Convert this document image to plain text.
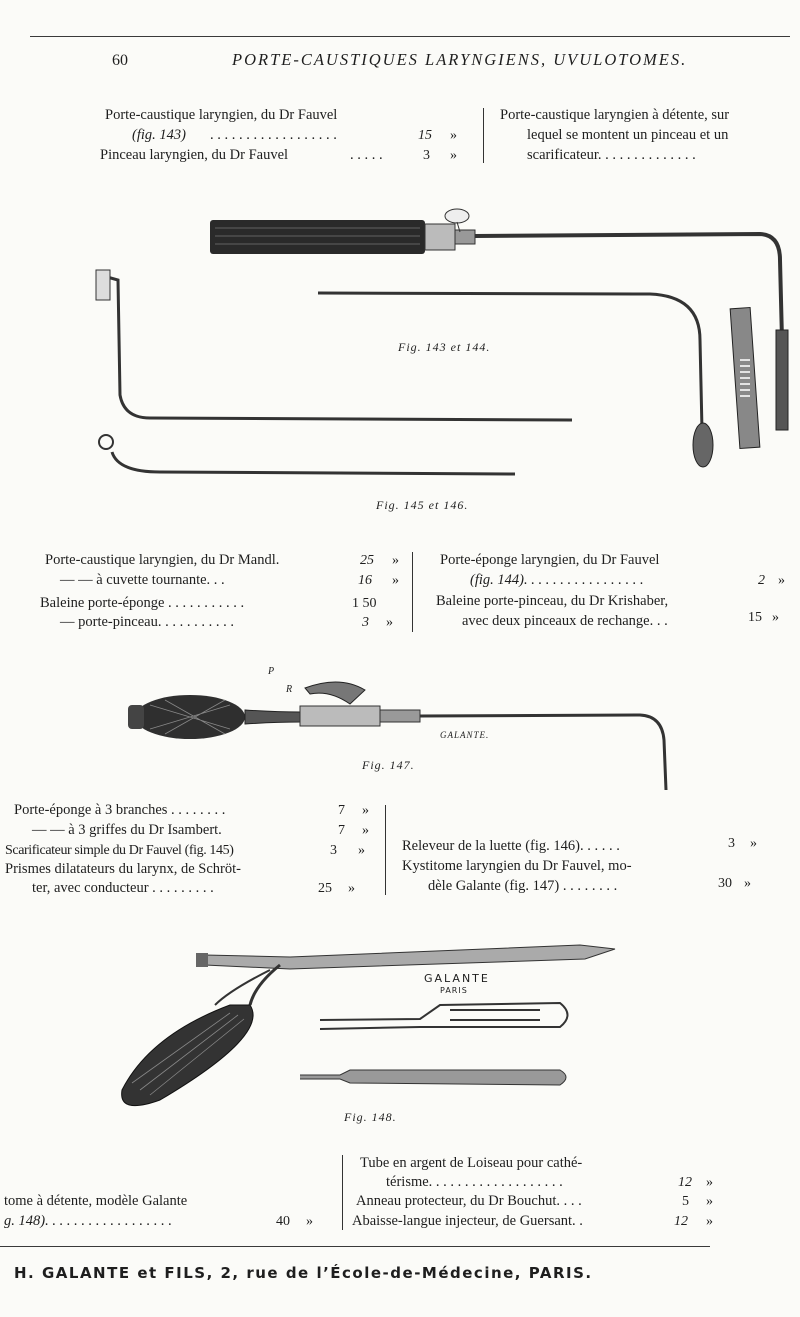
60	PORTE-CAUSTIQUES LARYNGIENS, UVULOTOMES.
Porte-caustique laryngien, du Dr Fauvel
(fig. 143) . . . . . . . . . . . . . . . . . .	15 »
Pinceau laryngien, du Dr Fauvel	. . . . .	3 »
Porte-caustique laryngien à détente, sur
lequel se montent un pinceau et un
scarificateur. . . . . . . . . . . . . .
Fig. 143 et 144.
Fig. 145 et 146.
Porte-caustique laryngien, du Dr Mandl.	25 »
— — à cuvette tournante. . .	16 »
Baleine porte-éponge . . . . . . . . . . .	1 50
— porte-pinceau. . . . . . . . . . .	3 »
Porte-éponge laryngien, du Dr Fauvel
(fig. 144). . . . . . . . . . . . . . . . .	2 »
Baleine porte-pinceau, du Dr Krishaber,
avec deux pinceaux de rechange. . .	15 »
P
R
GALANTE.
Fig. 147.
Porte-éponge à 3 branches . . . . . . . .	7 »
— — à 3 griffes du Dr Isambert.	7 »
Scarificateur simple du Dr Fauvel (fig. 145)	3 »
Prismes dilatateurs du larynx, de Schröt-
ter, avec conducteur . . . . . . . . .	25 »
Releveur de la luette (fig. 146). . . . . .	3 »
Kystitome laryngien du Dr Fauvel, mo-
dèle Galante (fig. 147) . . . . . . . .	30 »
GALANTE
PARIS
Fig. 148.
tome à détente, modèle Galante
g. 148). . . . . . . . . . . . . . . . . .	40 »
Tube en argent de Loiseau pour cathé-
térisme. . . . . . . . . . . . . . . . . . .	12 »
Anneau protecteur, du Dr Bouchut. . . .	5 »
Abaisse-langue injecteur, de Guersant. .	12 »
H. GALANTE et FILS, 2, rue de l’École-de-Médecine, PARIS.
